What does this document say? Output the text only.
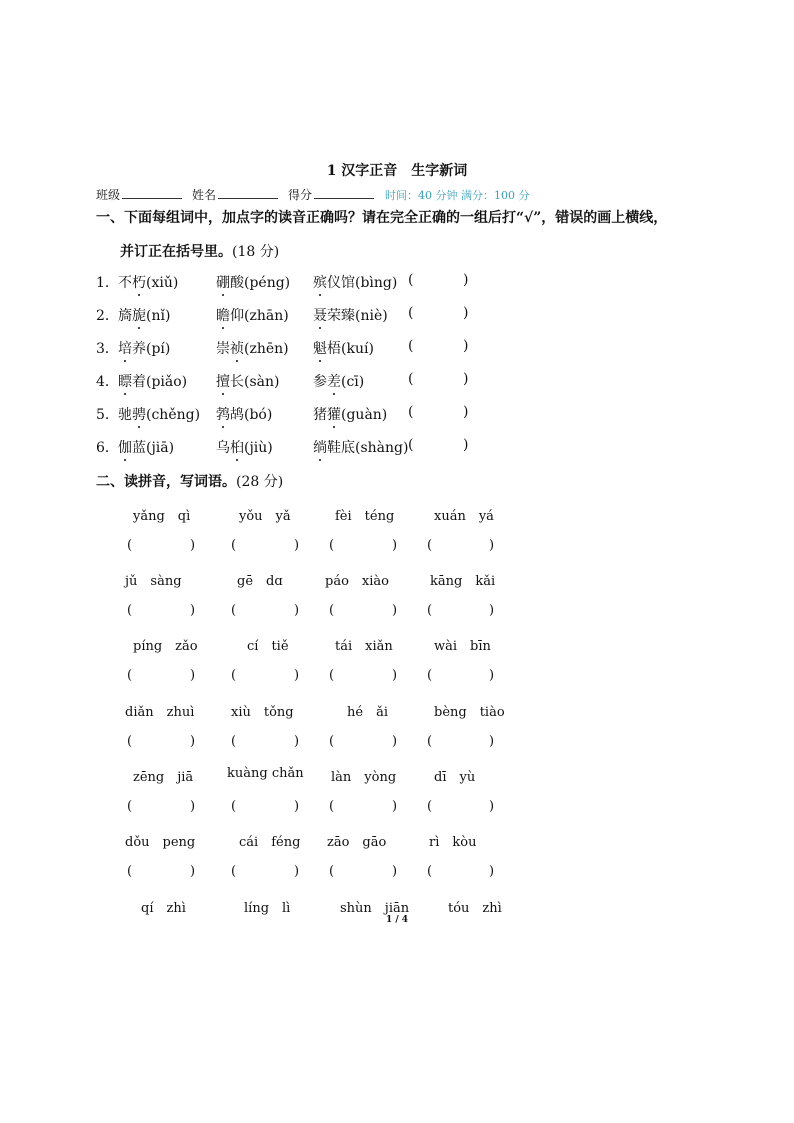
1 汉字正音　生字新词
班级	姓名	得分	时间：40 分钟 满分：100 分
一、下面每组词中，加点字的读音正确吗？请在完全正确的一组后打“√”，错误的画上横线，
并订正在括号里。(18 分)
1． 不朽(xiǔ)	硼酸(péng) 殡仪馆(bìng) (	)
2． 旖旎(nǐ)	瞻仰(zhān) 聂荣臻(niè) (	)
3． 培养(pí)	崇祯(zhēn) 魁梧(kuí) (	)
4． 瞟着(piǎo) 擅长(sàn) 参差(cī)	(	)
5． 驰骋(chěng) 鹁鸪(bó)	猪獾(guàn) (	)
6． 伽蓝(jiā)	乌桕(jiù)	绱鞋底(shàng) (	)
二、读拼音，写词语。(28 分)
yǎng　qì	yǒu　yǎ	fèi　téng	xuán　yá
(	)	(	) (	) (	)
jǔ　sàng	gē　dɑ	páo　xiào	kāng　kǎi
(	)	(	) (	) (	)
píng　zǎo	cí　tiě	tái　xiǎn	wài　bīn
(	)	(	) (	) (	)
diǎn　zhuì	xiù　tǒng	hé　ǎi	bèng　tiào
(	)	(	) (	) (	)
zēng　jiā	kuàng chǎn làn　yòng	dī　yù
(	)	(	) (	) (	)
dǒu　peng	cái　féng zāo　gāo	rì　kòu
(	)	(	) (	) (	)
qí　zhì	líng　lì	shùn　jiān	tóu　zhì
1 / 4
